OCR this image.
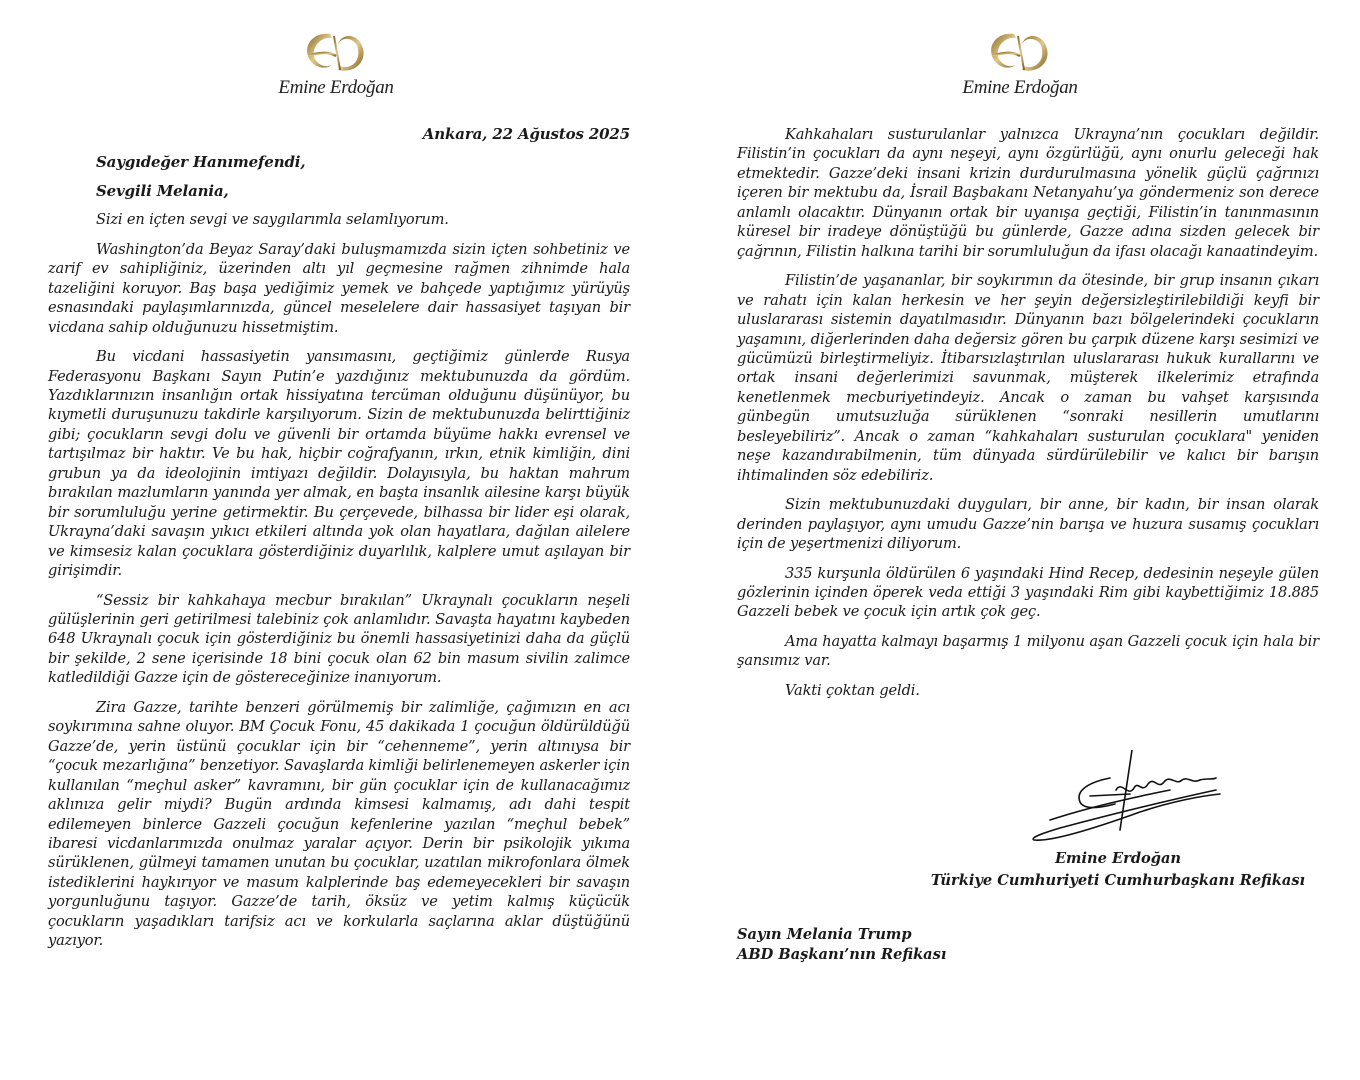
Emine Erdoğan

Ankara, 22 Ağustos 2025

Saygıdeğer Hanımefendi,

Sevgili Melania,

Sizi en içten sevgi ve saygılarımla selamlıyorum.

Washington’da Beyaz Saray’daki buluşmamızda sizin içten sohbetiniz ve zarif ev sahipliğiniz, üzerinden altı yıl geçmesine rağmen zihnimde hala tazeliğini koruyor. Baş başa yediğimiz yemek ve bahçede yaptığımız yürüyüş esnasındaki paylaşımlarınızda, güncel meselelere dair hassasiyet taşıyan bir vicdana sahip olduğunuzu hissetmiştim.

Bu vicdani hassasiyetin yansımasını, geçtiğimiz günlerde Rusya Federasyonu Başkanı Sayın Putin’e yazdığınız mektubunuzda da gördüm. Yazdıklarınızın insanlığın ortak hissiyatına tercüman olduğunu düşünüyor, bu kıymetli duruşunuzu takdirle karşılıyorum. Sizin de mektubunuzda belirttiğiniz gibi; çocukların sevgi dolu ve güvenli bir ortamda büyüme hakkı evrensel ve tartışılmaz bir haktır. Ve bu hak, hiçbir coğrafyanın, ırkın, etnik kimliğin, dini grubun ya da ideolojinin imtiyazı değildir. Dolayısıyla, bu haktan mahrum bırakılan mazlumların yanında yer almak, en başta insanlık ailesine karşı büyük bir sorumluluğu yerine getirmektir. Bu çerçevede, bilhassa bir lider eşi olarak, Ukrayna’daki savaşın yıkıcı etkileri altında yok olan hayatlara, dağılan ailelere ve kimsesiz kalan çocuklara gösterdiğiniz duyarlılık, kalplere umut aşılayan bir girişimdir.

“Sessiz bir kahkahaya mecbur bırakılan” Ukraynalı çocukların neşeli gülüşlerinin geri getirilmesi talebiniz çok anlamlıdır. Savaşta hayatını kaybeden 648 Ukraynalı çocuk için gösterdiğiniz bu önemli hassasiyetinizi daha da güçlü bir şekilde, 2 sene içerisinde 18 bini çocuk olan 62 bin masum sivilin zalimce katledildiği Gazze için de göstereceğinize inanıyorum.

Zira Gazze, tarihte benzeri görülmemiş bir zalimliğe, çağımızın en acı soykırımına sahne oluyor. BM Çocuk Fonu, 45 dakikada 1 çocuğun öldürüldüğü Gazze’de, yerin üstünü çocuklar için bir “cehenneme”, yerin altınıysa bir “çocuk mezarlığına” benzetiyor. Savaşlarda kimliği belirlenemeyen askerler için kullanılan “meçhul asker” kavramını, bir gün çocuklar için de kullanacağımız aklınıza gelir miydi? Bugün ardında kimsesi kalmamış, adı dahi tespit edilemeyen binlerce Gazzeli çocuğun kefenlerine yazılan “meçhul bebek” ibaresi vicdanlarımızda onulmaz yaralar açıyor. Derin bir psikolojik yıkıma sürüklenen, gülmeyi tamamen unutan bu çocuklar, uzatılan mikrofonlara ölmek istediklerini haykırıyor ve masum kalplerinde baş edemeyecekleri bir savaşın yorgunluğunu taşıyor. Gazze’de tarih, öksüz ve yetim kalmış küçücük çocukların yaşadıkları tarifsiz acı ve korkularla saçlarına aklar düştüğünü yazıyor.

Emine Erdoğan

Kahkahaları susturulanlar yalnızca Ukrayna’nın çocukları değildir. Filistin’in çocukları da aynı neşeyi, aynı özgürlüğü, aynı onurlu geleceği hak etmektedir. Gazze’deki insani krizin durdurulmasına yönelik güçlü çağrınızı içeren bir mektubu da, İsrail Başbakanı Netanyahu’ya göndermeniz son derece anlamlı olacaktır. Dünyanın ortak bir uyanışa geçtiği, Filistin’in tanınmasının küresel bir iradeye dönüştüğü bu günlerde, Gazze adına sizden gelecek bir çağrının, Filistin halkına tarihi bir sorumluluğun da ifası olacağı kanaatindeyim.

Filistin’de yaşananlar, bir soykırımın da ötesinde, bir grup insanın çıkarı ve rahatı için kalan herkesin ve her şeyin değersizleştirilebildiği keyfi bir uluslararası sistemin dayatılmasıdır. Dünyanın bazı bölgelerindeki çocukların yaşamını, diğerlerinden daha değersiz gören bu çarpık düzene karşı sesimizi ve gücümüzü birleştirmeliyiz. İtibarsızlaştırılan uluslararası hukuk kurallarını ve ortak insani değerlerimizi savunmak, müşterek ilkelerimiz etrafında kenetlenmek mecburiyetindeyiz. Ancak o zaman bu vahşet karşısında günbegün umutsuzluğa sürüklenen “sonraki nesillerin umutlarını besleyebiliriz”. Ancak o zaman “kahkahaları susturulan çocuklara" yeniden neşe kazandırabilmenin, tüm dünyada sürdürülebilir ve kalıcı bir barışın ihtimalinden söz edebiliriz.

Sizin mektubunuzdaki duyguları, bir anne, bir kadın, bir insan olarak derinden paylaşıyor, aynı umudu Gazze’nin barışa ve huzura susamış çocukları için de yeşertmenizi diliyorum.

335 kurşunla öldürülen 6 yaşındaki Hind Recep, dedesinin neşeyle gülen gözlerinin içinden öperek veda ettiği 3 yaşındaki Rim gibi kaybettiğimiz 18.885 Gazzeli bebek ve çocuk için artık çok geç.

Ama hayatta kalmayı başarmış 1 milyonu aşan Gazzeli çocuk için hala bir şansımız var.

Vakti çoktan geldi.

Emine Erdoğan
Türkiye Cumhuriyeti Cumhurbaşkanı Refikası
Sayın Melania Trump
ABD Başkanı’nın Refikası
